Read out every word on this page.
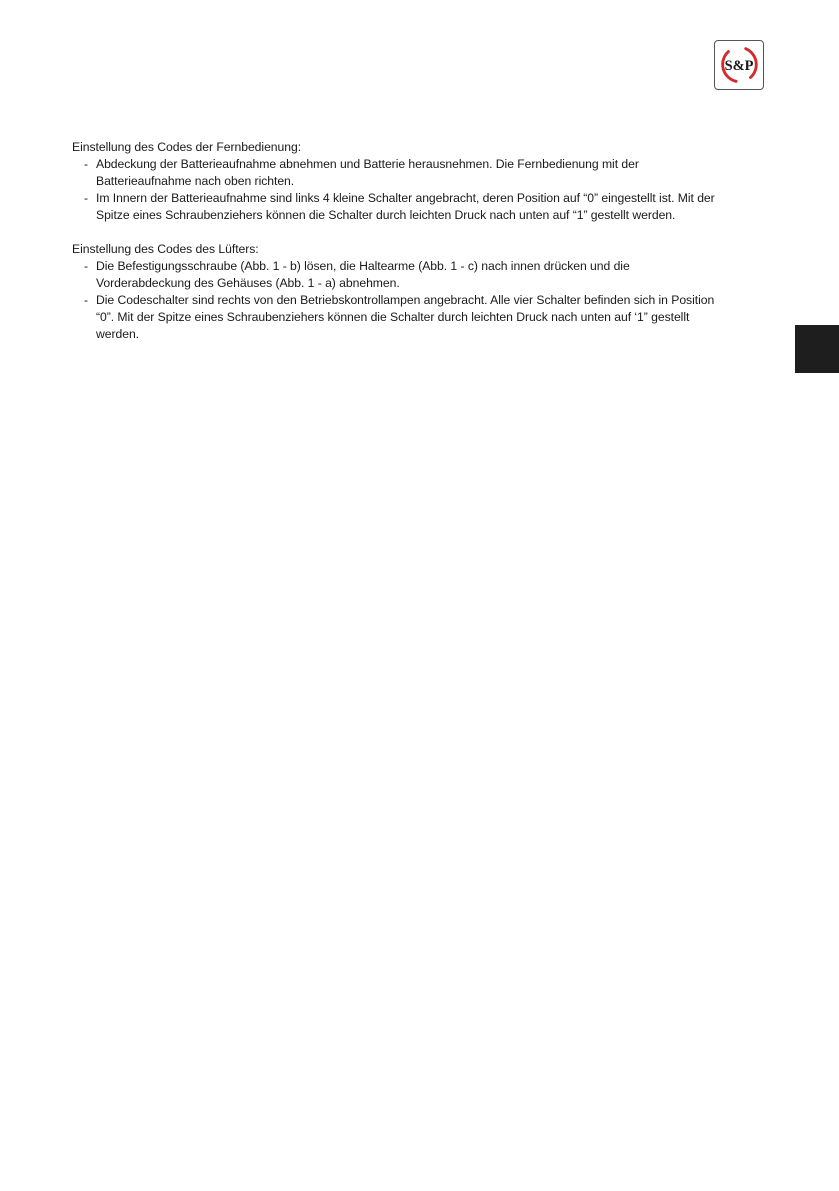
S&P
Einstellung des Codes der Fernbedienung:
- Abdeckung der Batterieaufnahme abnehmen und Batterie herausnehmen. Die Fernbedienung mit der
Batterieaufnahme nach oben richten.
- Im Innern der Batterieaufnahme sind links 4 kleine Schalter angebracht, deren Position auf “0” eingestellt ist. Mit der
Spitze eines Schraubenziehers können die Schalter durch leichten Druck nach unten auf “1” gestellt werden.
Einstellung des Codes des Lüfters:
- Die Befestigungsschraube (Abb. 1 - b) lösen, die Haltearme (Abb. 1 - c) nach innen drücken und die
Vorderabdeckung des Gehäuses (Abb. 1 - a) abnehmen.
- Die Codeschalter sind rechts von den Betriebskontrollampen angebracht. Alle vier Schalter befinden sich in Position
“0”. Mit der Spitze eines Schraubenziehers können die Schalter durch leichten Druck nach unten auf ‘1” gestellt
werden.
